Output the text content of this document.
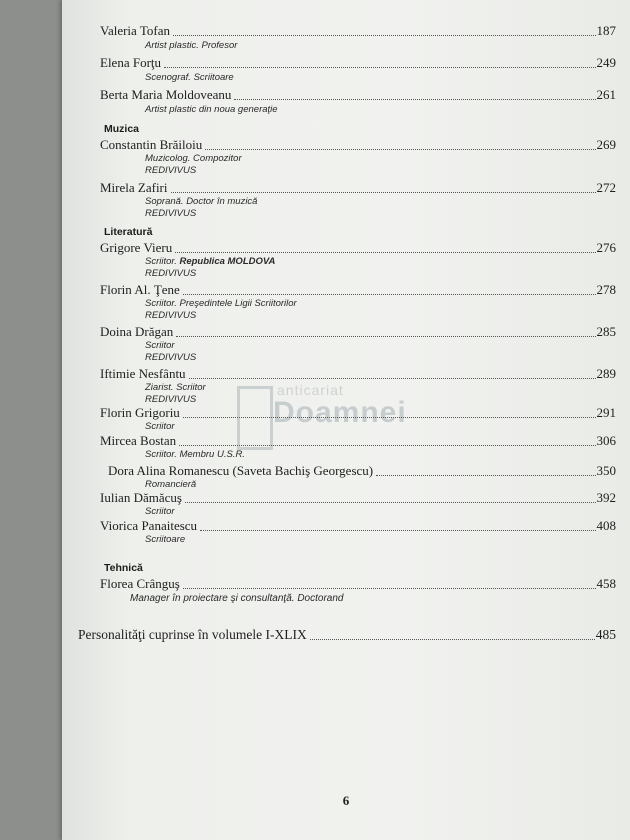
Valeria Tofan	187
Artist plastic. Profesor
Elena Forţu	249
Scenograf. Scriitoare
Berta Maria Moldoveanu	261
Artist plastic din noua generaţie
Muzica
Constantin Brăiloiu	269
Muzicolog. Compozitor
REDIVIVUS
Mirela Zafiri	272
Soprană. Doctor în muzică
REDIVIVUS
Literatură
Grigore Vieru	276
Scriitor. Republica MOLDOVA
REDIVIVUS
Florin Al. Ţene	278
Scriitor. Preşedintele Ligii Scriitorilor
REDIVIVUS
Doina Drăgan	285
Scriitor
REDIVIVUS
Iftimie Nesfântu	289
Ziarist. Scriitor
REDIVIVUS
Florin Grigoriu	291
Scriitor
Mircea Bostan	306
Scriitor. Membru U.S.R.
Dora Alina Romanescu (Saveta Bachiş Georgescu)	350
Romancieră
Iulian Dămăcuş	392
Scriitor
Viorica Panaitescu	408
Scriitoare
Tehnică
Florea Crânguş	458
Manager în proiectare şi consultanţă. Doctorand
Personalităţi cuprinse în volumele I-XLIX	485
6
anticariat
Doamnei
